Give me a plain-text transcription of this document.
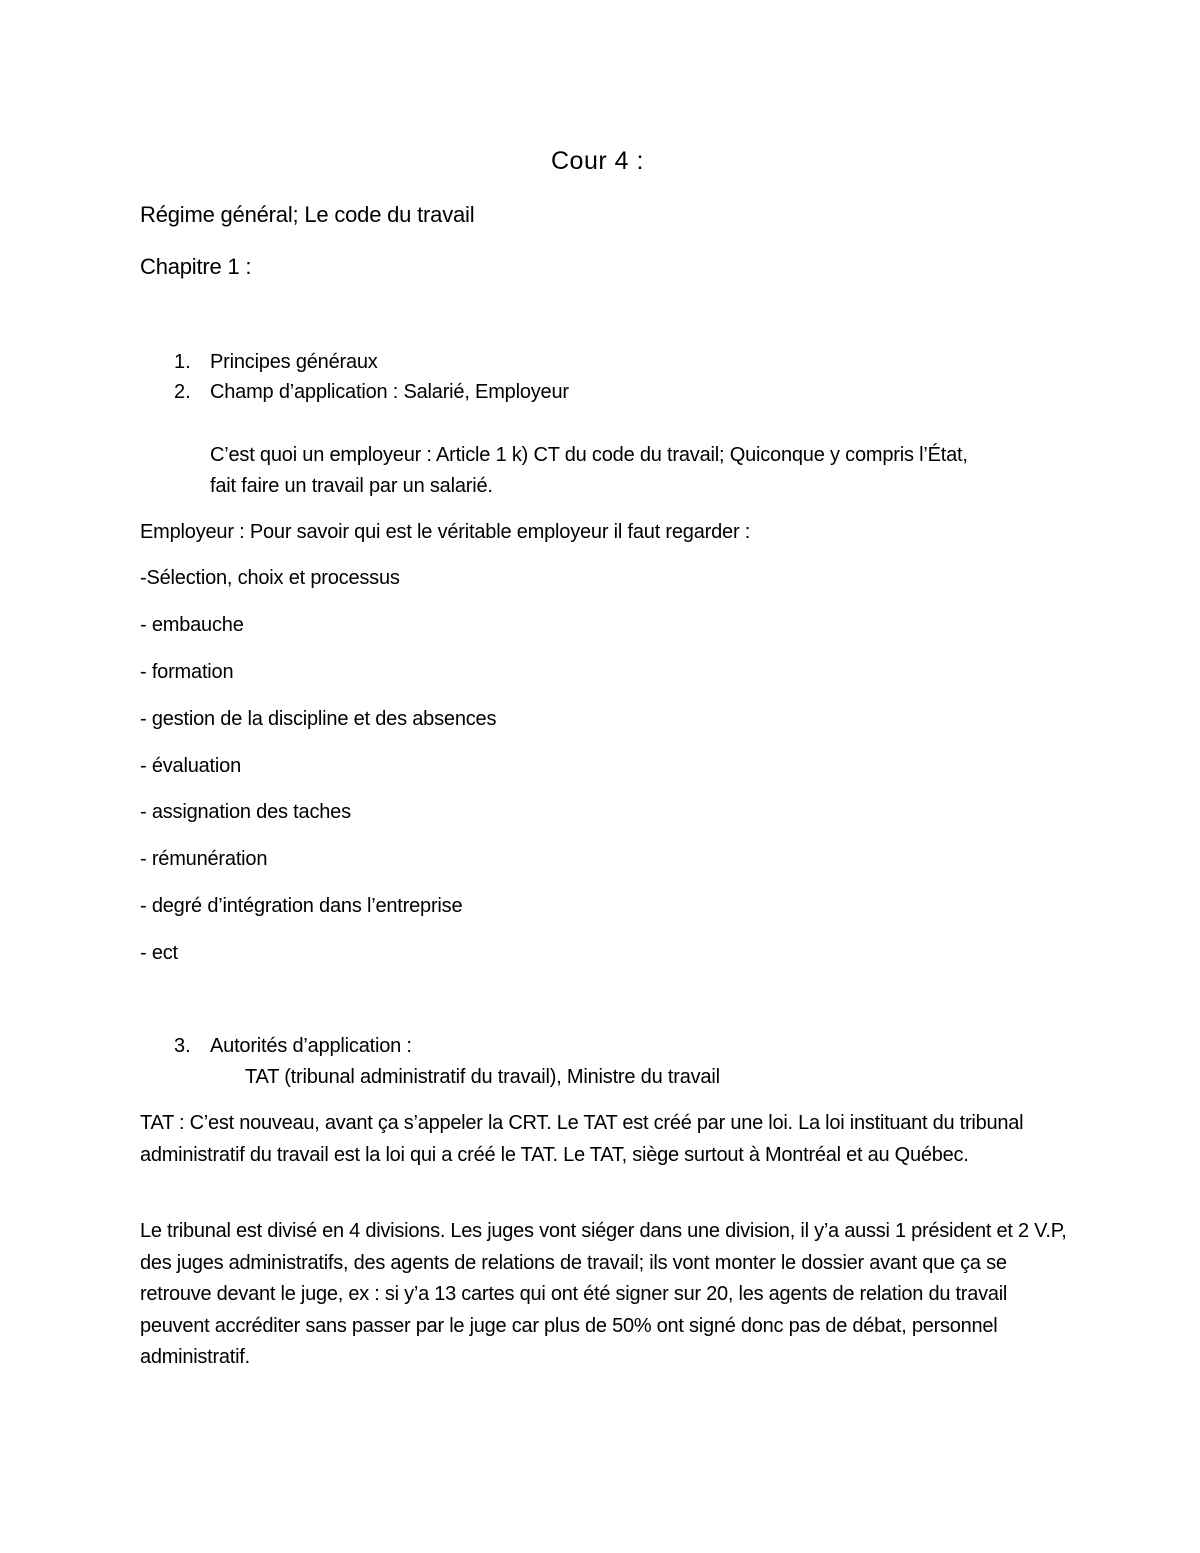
Cour 4 :
Régime général; Le code du travail
Chapitre 1 :
1. Principes généraux
2. Champ d’application : Salarié, Employeur
C’est quoi un employeur : Article 1 k) CT du code du travail; Quiconque y compris l’État,
fait faire un travail par un salarié.
Employeur : Pour savoir qui est le véritable employeur il faut regarder :
-Sélection, choix et processus
- embauche
- formation
- gestion de la discipline et des absences
- évaluation
- assignation des taches
- rémunération
- degré d’intégration dans l’entreprise
- ect
3. Autorités d’application :
TAT (tribunal administratif du travail), Ministre du travail
TAT : C’est nouveau, avant ça s’appeler la CRT. Le TAT est créé par une loi. La loi instituant du tribunal administratif du travail est la loi qui a créé le TAT. Le TAT, siège surtout à Montréal et au Québec.
Le tribunal est divisé en 4 divisions. Les juges vont siéger dans une division, il y’a aussi 1 président et 2 V.P, des juges administratifs, des agents de relations de travail; ils vont monter le dossier avant que ça se retrouve devant le juge, ex : si y’a 13 cartes qui ont été signer sur 20, les agents de relation du travail peuvent accréditer sans passer par le juge car plus de 50% ont signé donc pas de débat, personnel administratif.
